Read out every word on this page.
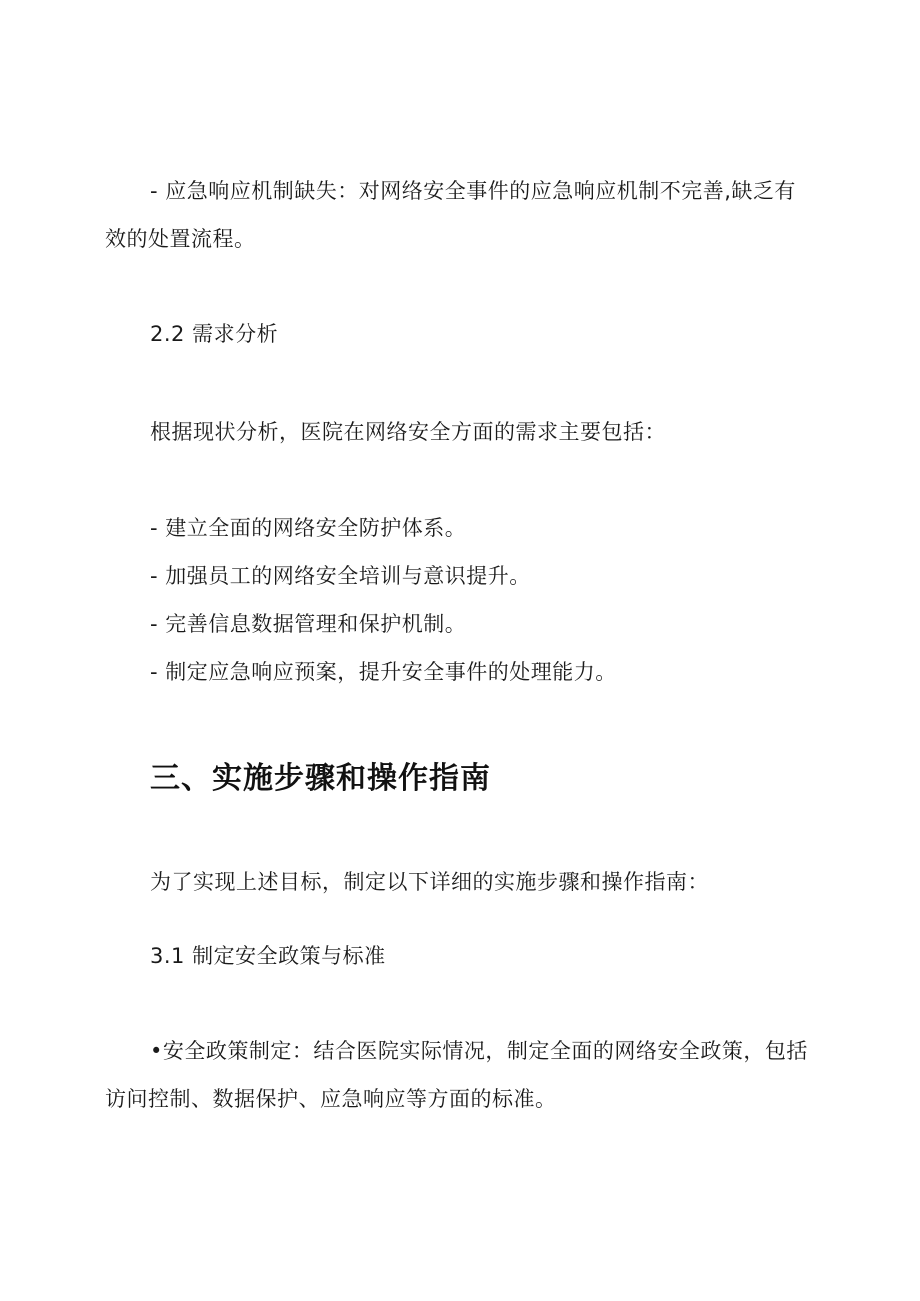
- 应急响应机制缺失：对网络安全事件的应急响应机制不完善,缺乏有
效的处置流程。
2.2 需求分析
根据现状分析，医院在网络安全方面的需求主要包括：
- 建立全面的网络安全防护体系。
- 加强员工的网络安全培训与意识提升。
- 完善信息数据管理和保护机制。
- 制定应急响应预案，提升安全事件的处理能力。
三、实施步骤和操作指南
为了实现上述目标，制定以下详细的实施步骤和操作指南：
3.1 制定安全政策与标准
•安全政策制定：结合医院实际情况，制定全面的网络安全政策，包括
访问控制、数据保护、应急响应等方面的标准。
